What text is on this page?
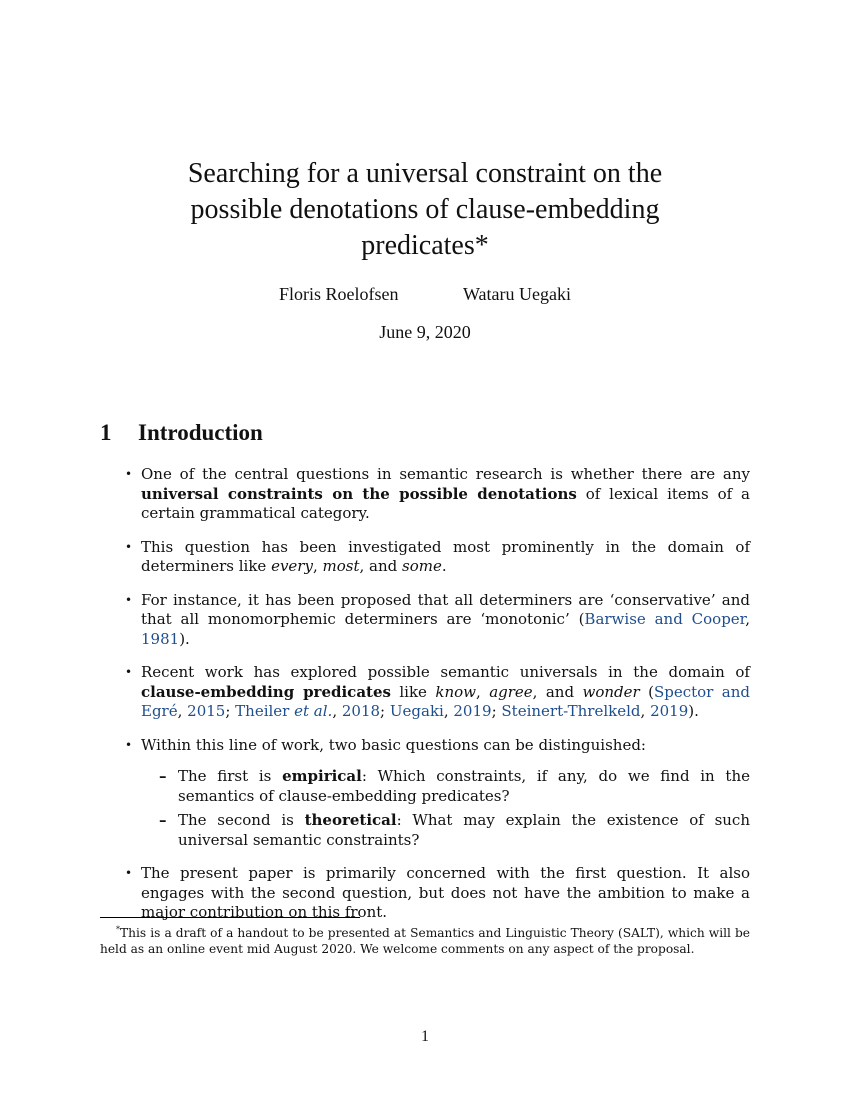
Searching for a universal constraint on the
possible denotations of clause-embedding
predicates*
Floris Roelofsen	Wataru Uegaki
June 9, 2020
1 Introduction
• One of the central questions in semantic research is whether there are any universal constraints on the possible denotations of lexical items of a certain grammatical category.
• This question has been investigated most prominently in the domain of determiners like every, most, and some.
• For instance, it has been proposed that all determiners are ‘conservative’ and that all monomorphemic determiners are ‘monotonic’ (Barwise and Cooper, 1981).
• Recent work has explored possible semantic universals in the domain of clause-embedding predicates like know, agree, and wonder (Spector and Egré, 2015; Theiler et al., 2018; Uegaki, 2019; Steinert-Threlkeld, 2019).
• Within this line of work, two basic questions can be distinguished:
– The first is empirical: Which constraints, if any, do we find in the semantics of clause-embedding predicates?
– The second is theoretical: What may explain the existence of such universal semantic constraints?
• The present paper is primarily concerned with the first question. It also engages with the second question, but does not have the ambition to make a major contribution on this front.
*This is a draft of a handout to be presented at Semantics and Linguistic Theory (SALT), which will be held as an online event mid August 2020. We welcome comments on any aspect of the proposal.
1
